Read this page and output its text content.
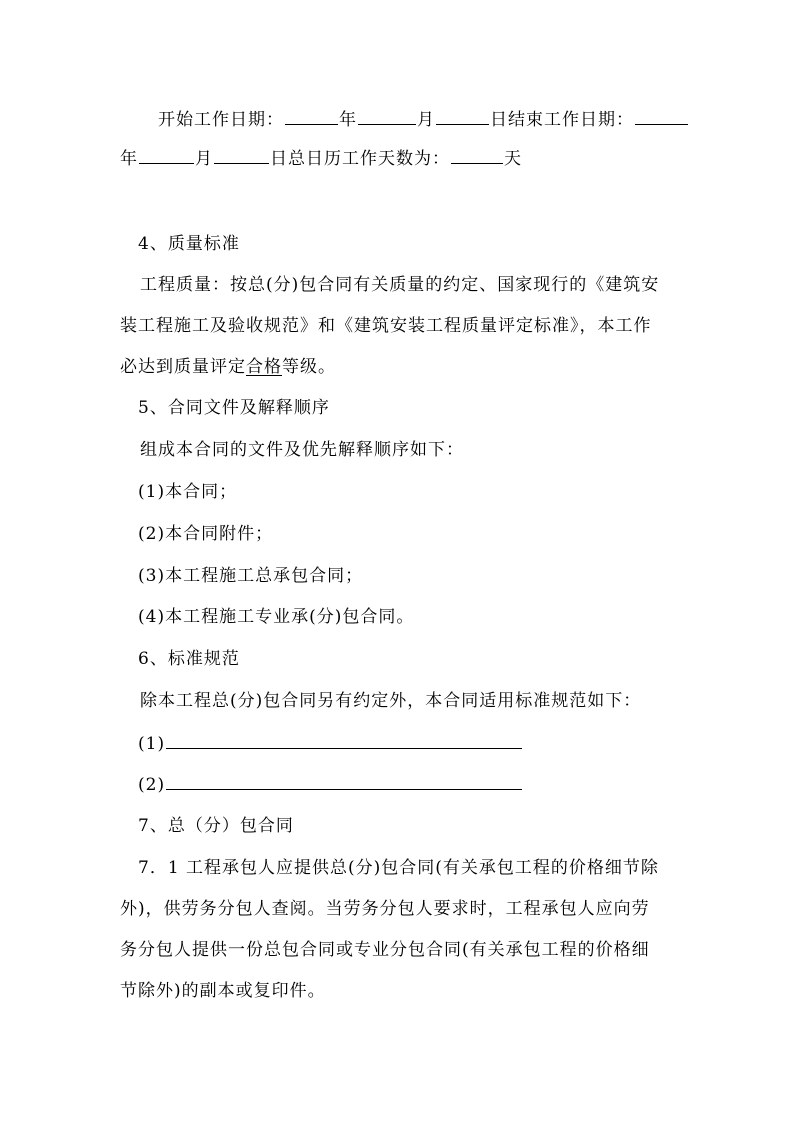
开始工作日期：	年	月	日结束工作日期：
年	月	日总日历工作天数为：	天
4、质量标准
工程质量：按总(分)包合同有关质量的约定、国家现行的《建筑安
装工程施工及验收规范》和《建筑安装工程质量评定标准》，本工作
必达到质量评定合格等级。
5、合同文件及解释顺序
组成本合同的文件及优先解释顺序如下：
(1)本合同；
(2)本合同附件；
(3)本工程施工总承包合同；
(4)本工程施工专业承(分)包合同。
6、标准规范
除本工程总(分)包合同另有约定外，本合同适用标准规范如下：
(1)
(2)
7、总（分）包合同
7．1 工程承包人应提供总(分)包合同(有关承包工程的价格细节除
外)，供劳务分包人查阅。当劳务分包人要求时，工程承包人应向劳
务分包人提供一份总包合同或专业分包合同(有关承包工程的价格细
节除外)的副本或复印件。
